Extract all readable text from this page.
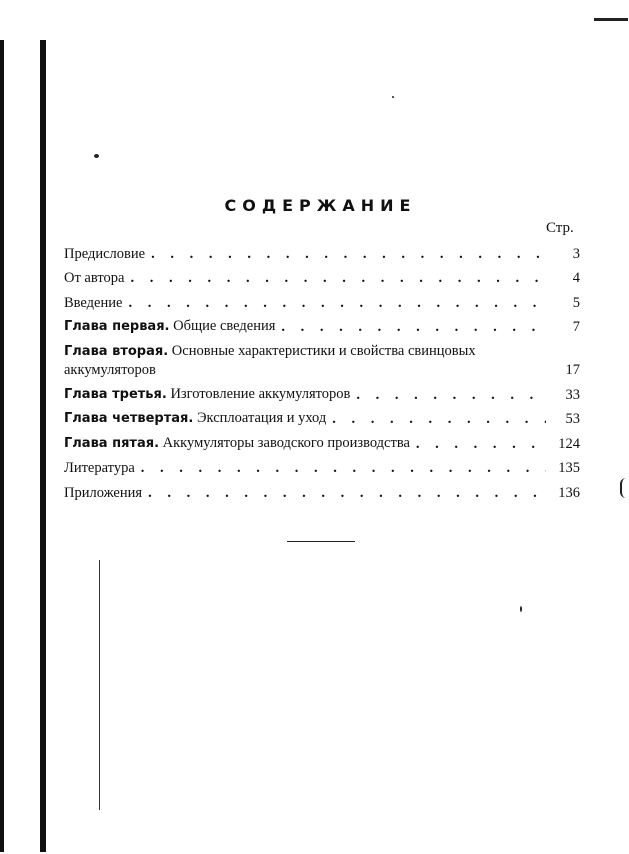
СОДЕРЖАНИЕ
Стр.
Предисловие . . .	3
От автора . . .	4
Введение . . .	5
Глава первая. Общие сведения . . .	7
Глава вторая. Основные характеристики и свойства свинцовых аккумуляторов	17
Глава третья. Изготовление аккумуляторов . . .	33
Глава четвертая. Эксплоатация и уход . . .	53
Глава пятая. Аккумуляторы заводского производства . . .	124
Литература . . .	135
Приложения . . .	136
